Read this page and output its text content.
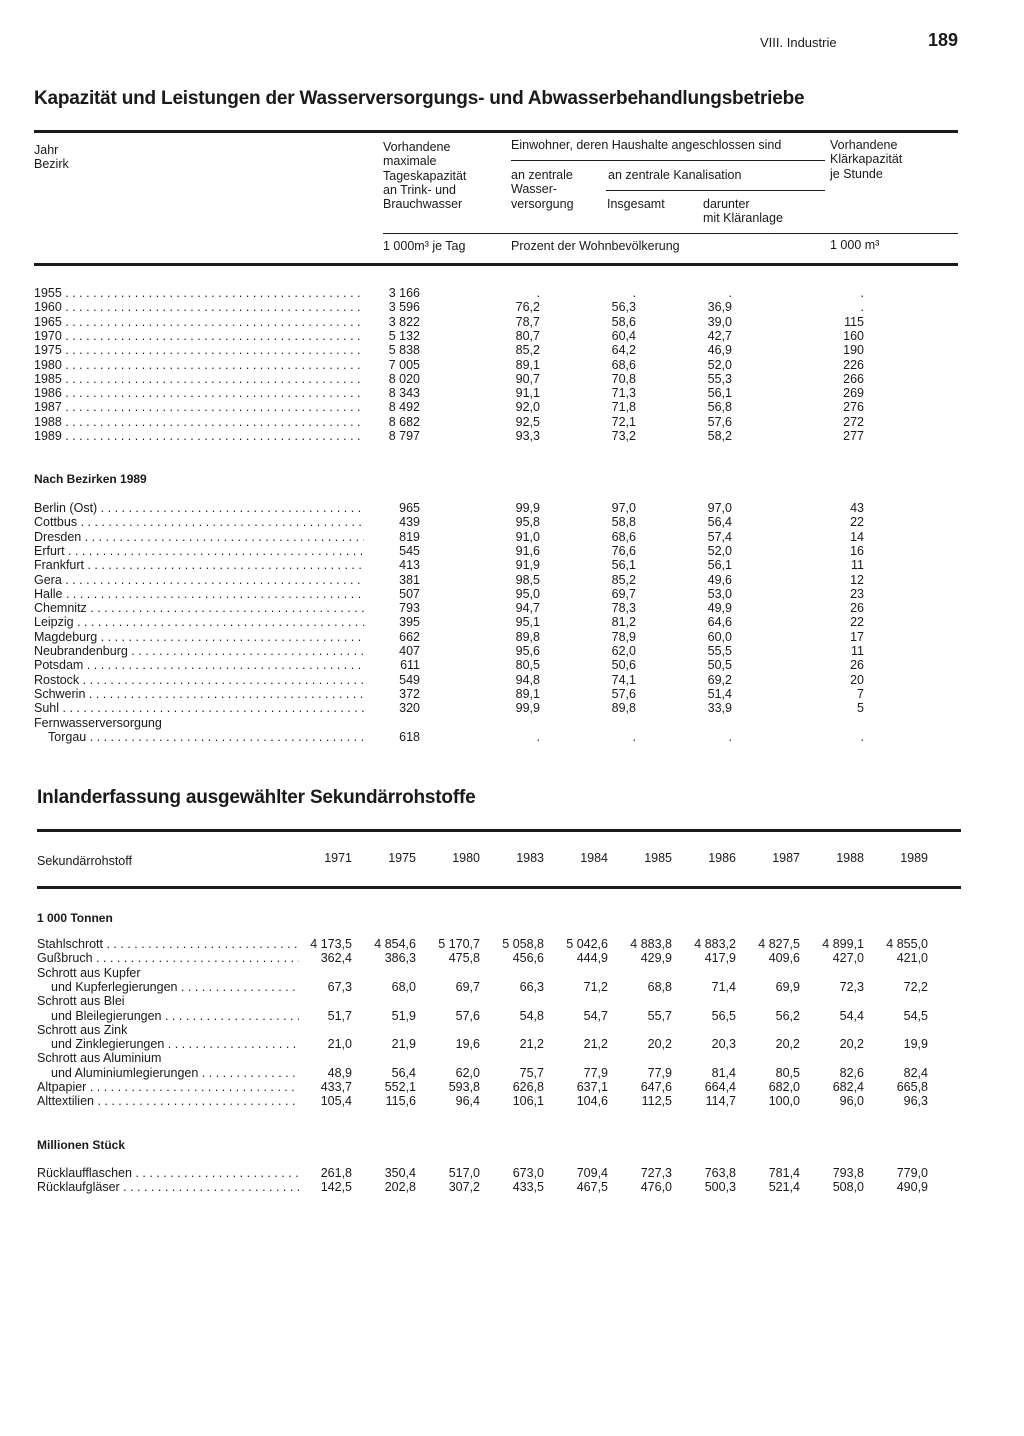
VIII. Industrie	189
Kapazität und Leistungen der Wasserversorgungs- und Abwasserbehandlungsbetriebe
Jahr
Bezirk
Vorhandene
maximale
Tageskapazität
an Trink- und
Brauchwasser
Einwohner, deren Haushalte angeschlossen sind
an zentrale
Wasser-
versorgung
an zentrale Kanalisation
Insgesamt	darunter
mit Kläranlage
Vorhandene
Klärkapazität
je Stunde
1 000m³ je Tag	Prozent der Wohnbevölkerung	1 000 m³
1955 . . .	3 166	.	.	.	.
1960 . . .	3 596	76,2	56,3	36,9	.
1965 . . .	3 822	78,7	58,6	39,0	115
1970 . . .	5 132	80,7	60,4	42,7	160
1975 . . .	5 838	85,2	64,2	46,9	190
1980 . . .	7 005	89,1	68,6	52,0	226
1985 . . .	8 020	90,7	70,8	55,3	266
1986 . . .	8 343	91,1	71,3	56,1	269
1987 . . .	8 492	92,0	71,8	56,8	276
1988 . . .	8 682	92,5	72,1	57,6	272
1989 . . .	8 797	93,3	73,2	58,2	277
Nach Bezirken 1989
Berlin (Ost) . . .	965	99,9	97,0	97,0	43
Cottbus . . .	439	95,8	58,8	56,4	22
Dresden . . .	819	91,0	68,6	57,4	14
Erfurt . . .	545	91,6	76,6	52,0	16
Frankfurt . . .	413	91,9	56,1	56,1	11
Gera . . .	381	98,5	85,2	49,6	12
Halle . . .	507	95,0	69,7	53,0	23
Chemnitz . . .	793	94,7	78,3	49,9	26
Leipzig . . .	395	95,1	81,2	64,6	22
Magdeburg . . .	662	89,8	78,9	60,0	17
Neubrandenburg . . .	407	95,6	62,0	55,5	11
Potsdam . . .	611	80,5	50,6	50,5	26
Rostock . . .	549	94,8	74,1	69,2	20
Schwerin . . .	372	89,1	57,6	51,4	7
Suhl . . .	320	99,9	89,8	33,9	5
Fernwasserversorgung
Torgau . . .	618	.	.	.	.
Inlanderfassung ausgewählter Sekundärrohstoffe
Sekundärrohstoff	1971	1975	1980	1983	1984	1985	1986	1987	1988	1989
1 000 Tonnen
Stahlschrott . . .	4 173,5	4 854,6	5 170,7	5 058,8	5 042,6	4 883,8	4 883,2	4 827,5	4 899,1	4 855,0
Gußbruch . . .	362,4	386,3	475,8	456,6	444,9	429,9	417,9	409,6	427,0	421,0
Schrott aus Kupfer
und Kupferlegierungen . . .	67,3	68,0	69,7	66,3	71,2	68,8	71,4	69,9	72,3	72,2
Schrott aus Blei
und Bleilegierungen . . .	51,7	51,9	57,6	54,8	54,7	55,7	56,5	56,2	54,4	54,5
Schrott aus Zink
und Zinklegierungen . . .	21,0	21,9	19,6	21,2	21,2	20,2	20,3	20,2	20,2	19,9
Schrott aus Aluminium
und Aluminiumlegierungen . . .	48,9	56,4	62,0	75,7	77,9	77,9	81,4	80,5	82,6	82,4
Altpapier . . .	433,7	552,1	593,8	626,8	637,1	647,6	664,4	682,0	682,4	665,8
Alttextilien . . .	105,4	115,6	96,4	106,1	104,6	112,5	114,7	100,0	96,0	96,3
Millionen Stück
Rücklaufflaschen . . .	261,8	350,4	517,0	673,0	709,4	727,3	763,8	781,4	793,8	779,0
Rücklaufgläser . . .	142,5	202,8	307,2	433,5	467,5	476,0	500,3	521,4	508,0	490,9
